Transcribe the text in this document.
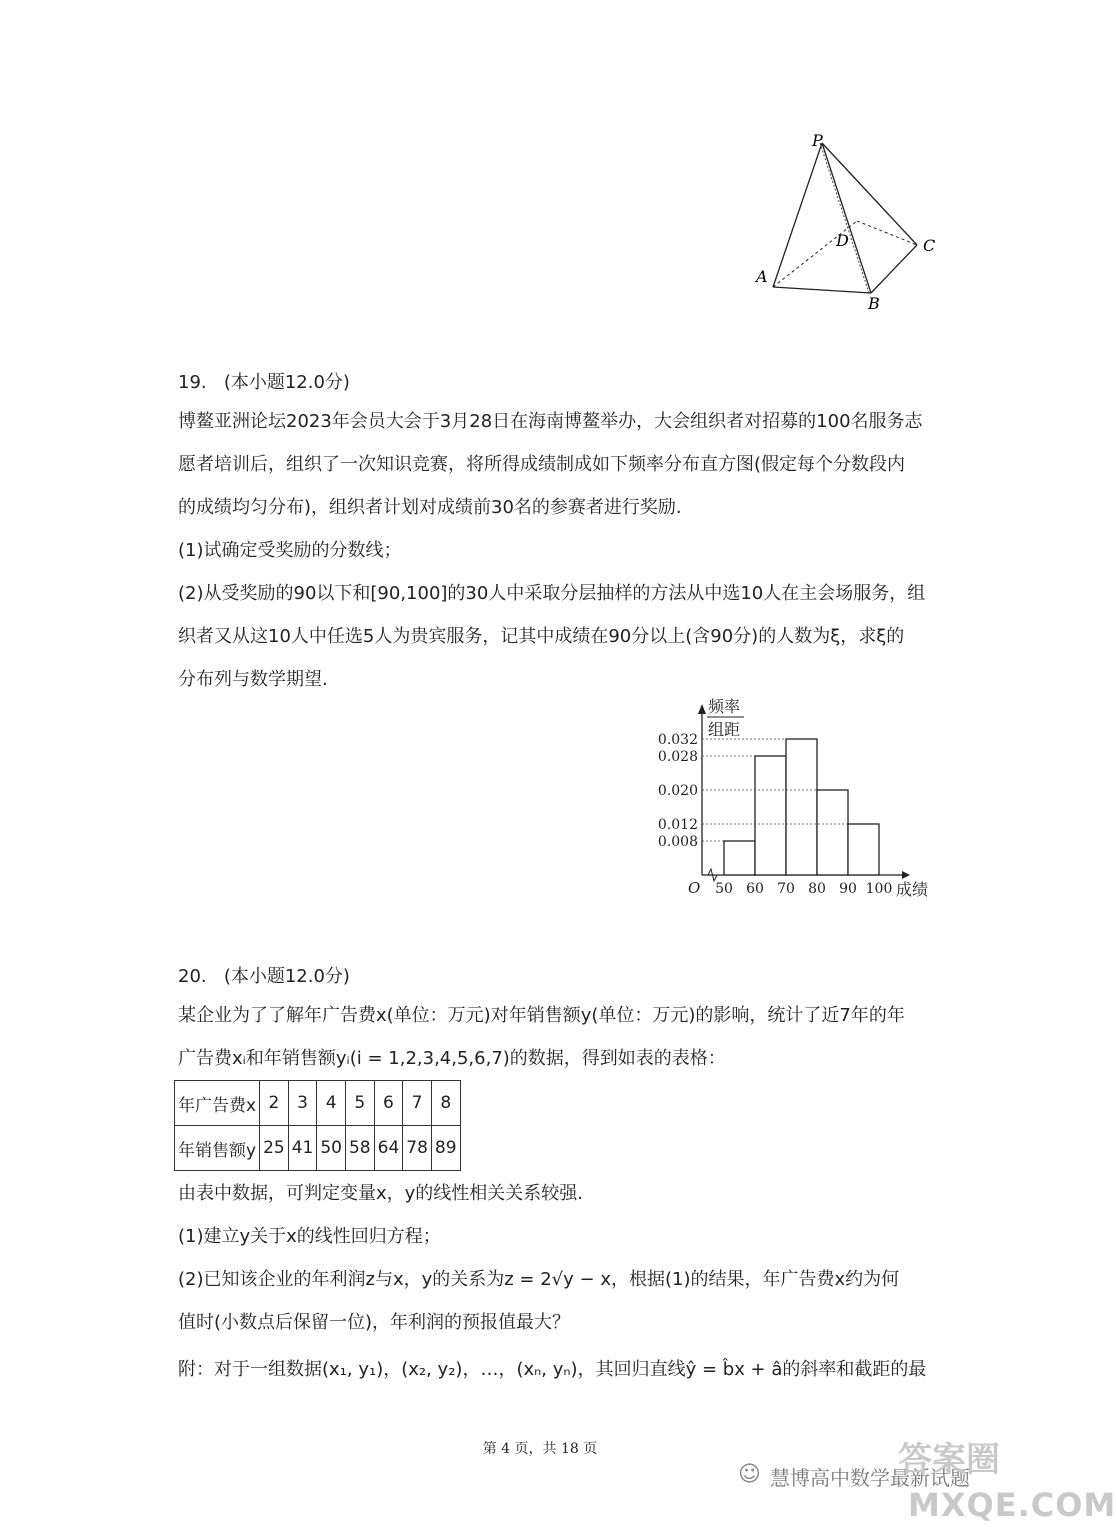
P
A
B
C
D
19. (本小题12.0分)
博鳌亚洲论坛2023年会员大会于3月28日在海南博鳌举办，大会组织者对招募的100名服务志
愿者培训后，组织了一次知识竞赛，将所得成绩制成如下频率分布直方图(假定每个分数段内
的成绩均匀分布)，组织者计划对成绩前30名的参赛者进行奖励.
(1)试确定受奖励的分数线；
(2)从受奖励的90以下和[90,100]的30人中采取分层抽样的方法从中选10人在主会场服务，组
织者又从这10人中任选5人为贵宾服务，记其中成绩在90分以上(含90分)的人数为ξ，求ξ的
分布列与数学期望.
0.032
0.028
0.020
0.012
0.008
50 60 70 80 90 100
O
频率
组距
成绩
20. (本小题12.0分)
某企业为了了解年广告费x(单位：万元)对年销售额y(单位：万元)的影响，统计了近7年的年
广告费xᵢ和年销售额yᵢ(i = 1,2,3,4,5,6,7)的数据，得到如表的表格：
年广告费x	2	3	4	5	6	7	8
年销售额y	25	41	50	58	64	78	89
由表中数据，可判定变量x，y的线性相关关系较强.
(1)建立y关于x的线性回归方程；
(2)已知该企业的年利润z与x，y的关系为z = 2√y − x，根据(1)的结果，年广告费x约为何
值时(小数点后保留一位)，年利润的预报值最大？
附：对于一组数据(x₁, y₁)，(x₂, y₂)，…，(xₙ, yₙ)，其回归直线ŷ = b̂x + â的斜率和截距的最
第 4 页，共 18 页
☺ 慧博高中数学最新试题
答案圈
MXQE.COM
